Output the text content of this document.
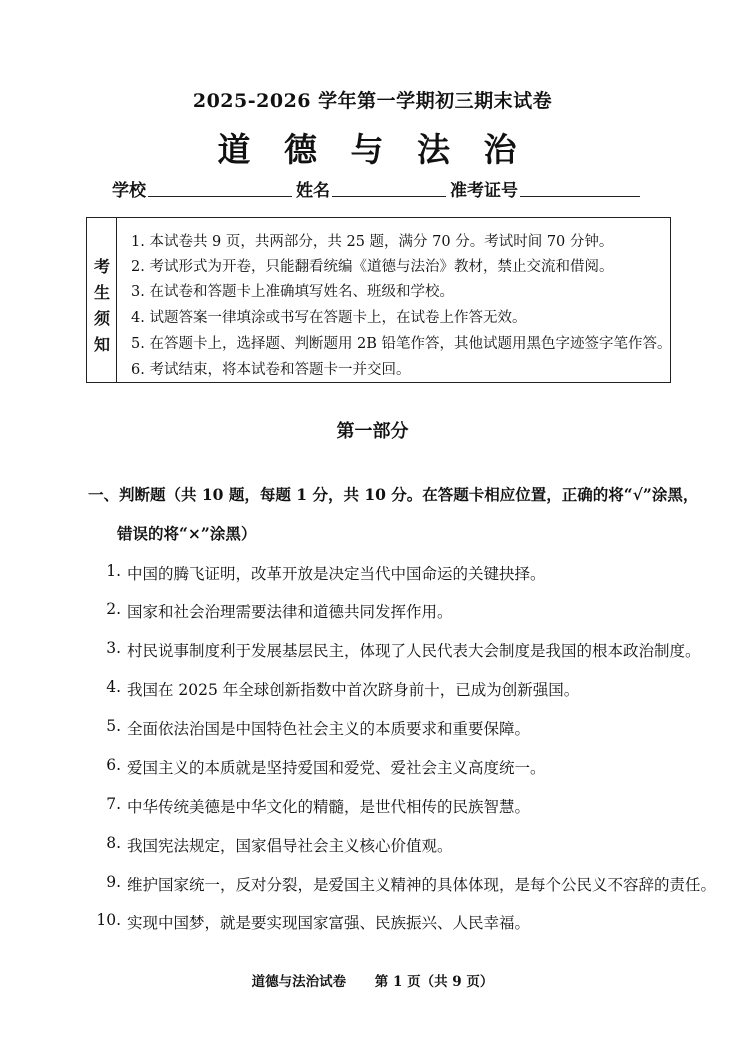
2025-2026 学年第一学期初三期末试卷
道 德 与 法 治
学校	姓名	准考证号
考
生
须
知
1. 本试卷共 9 页，共两部分，共 25 题，满分 70 分。考试时间 70 分钟。
2. 考试形式为开卷，只能翻看统编《道德与法治》教材，禁止交流和借阅。
3. 在试卷和答题卡上准确填写姓名、班级和学校。
4. 试题答案一律填涂或书写在答题卡上，在试卷上作答无效。
5. 在答题卡上，选择题、判断题用 2B 铅笔作答，其他试题用黑色字迹签字笔作答。
6. 考试结束，将本试卷和答题卡一并交回。
第一部分
一、判断题（共 10 题，每题 1 分，共 10 分。在答题卡相应位置，正确的将“√”涂黑，
错误的将“×”涂黑）
1. 中国的腾飞证明，改革开放是决定当代中国命运的关键抉择。
2. 国家和社会治理需要法律和道德共同发挥作用。
3. 村民说事制度利于发展基层民主，体现了人民代表大会制度是我国的根本政治制度。
4. 我国在 2025 年全球创新指数中首次跻身前十，已成为创新强国。
5. 全面依法治国是中国特色社会主义的本质要求和重要保障。
6. 爱国主义的本质就是坚持爱国和爱党、爱社会主义高度统一。
7. 中华传统美德是中华文化的精髓，是世代相传的民族智慧。
8. 我国宪法规定，国家倡导社会主义核心价值观。
9. 维护国家统一，反对分裂，是爱国主义精神的具体体现，是每个公民义不容辞的责任。
10. 实现中国梦，就是要实现国家富强、民族振兴、人民幸福。
道德与法治试卷 第 1 页（共 9 页）
